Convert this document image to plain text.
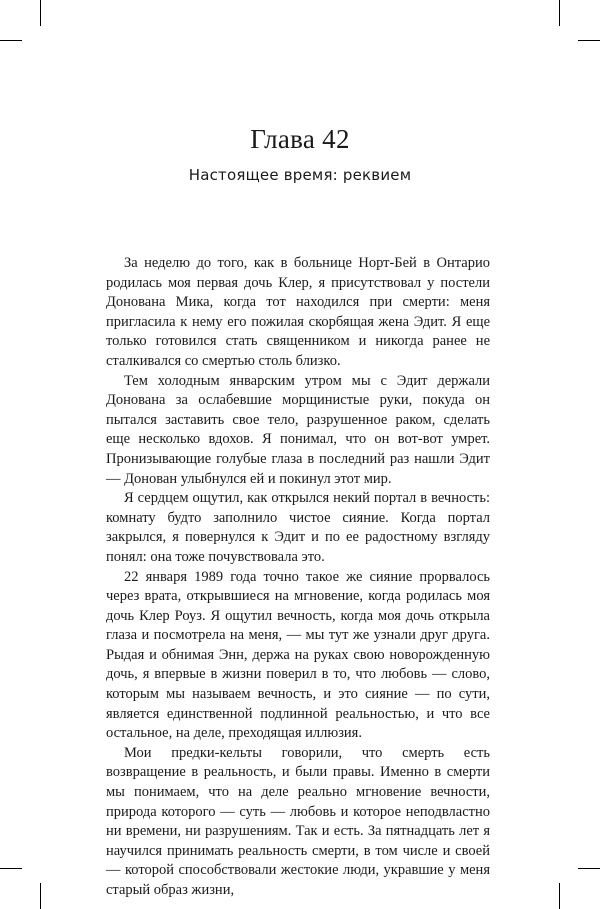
Глава 42
Настоящее время: реквием

За неделю до того, как в больнице Норт-Бей в Онтарио родилась моя первая дочь Клер, я присутствовал у постели Донована Мика, когда тот находился при смерти: меня пригласила к нему его пожилая скорбящая жена Эдит. Я еще только готовился стать священником и никогда ранее не сталкивался со смертью столь близко.

Тем холодным январским утром мы с Эдит держали Донована за ослабевшие морщинистые руки, покуда он пытался заставить свое тело, разрушенное раком, сделать еще несколько вдохов. Я понимал, что он вот-вот умрет. Пронизывающие голубые глаза в последний раз нашли Эдит — Донован улыбнулся ей и покинул этот мир.

Я сердцем ощутил, как открылся некий портал в вечность: комнату будто заполнило чистое сияние. Когда портал закрылся, я повернулся к Эдит и по ее радостному взгляду понял: она тоже почувствовала это.

22 января 1989 года точно такое же сияние прорвалось через врата, открывшиеся на мгновение, когда родилась моя дочь Клер Роуз. Я ощутил вечность, когда моя дочь открыла глаза и посмотрела на меня, — мы тут же узнали друг друга. Рыдая и обнимая Энн, держа на руках свою новорожденную дочь, я впервые в жизни поверил в то, что любовь — слово, которым мы называем вечность, и это сияние — по сути, является единственной подлинной реальностью, и что все остальное, на деле, преходящая иллюзия.

Мои предки-кельты говорили, что смерть есть возвращение в реальность, и были правы. Именно в смерти мы понимаем, что на деле реально мгновение вечности, природа которого — суть — любовь и которое неподвластно ни времени, ни разрушениям. Так и есть. За пятнадцать лет я научился принимать реальность смерти, в том числе и своей — которой способствовали жестокие люди, укравшие у меня старый образ жизни,
